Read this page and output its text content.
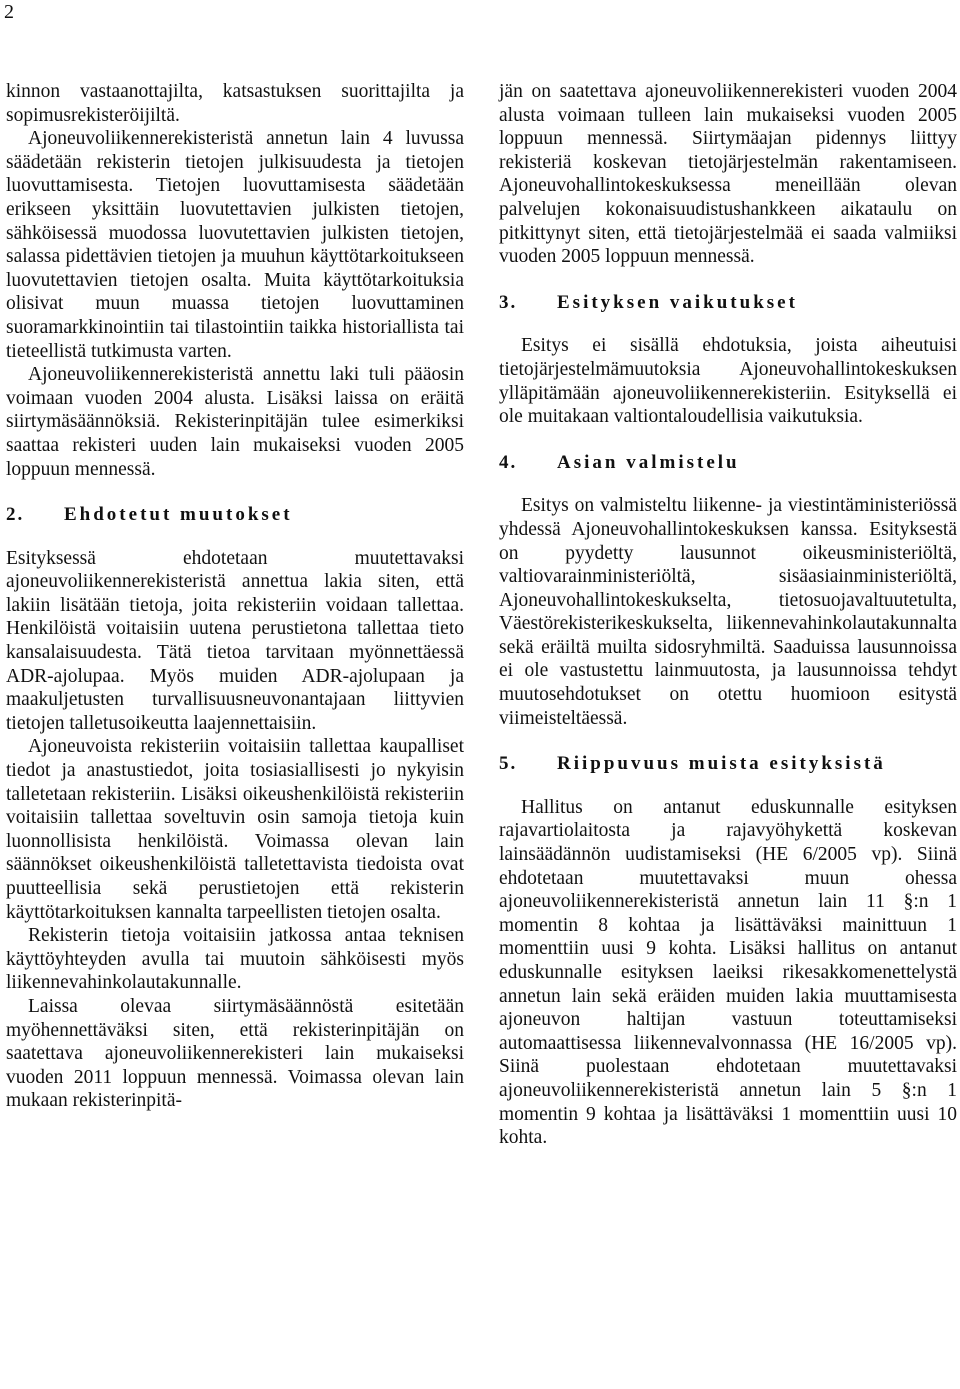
2

kinnon vastaanottajilta, katsastuksen suorittajilta ja sopimusrekisteröijiltä.

Ajoneuvoliikennerekisteristä annetun lain 4 luvussa säädetään rekisterin tietojen julkisuudesta ja tietojen luovuttamisesta. Tietojen luovuttamisesta säädetään erikseen yksittäin luovutettavien julkisten tietojen, sähköisessä muodossa luovutettavien julkisten tietojen, salassa pidettävien tietojen ja muuhun käyttötarkoitukseen luovutettavien tietojen osalta. Muita käyttötarkoituksia olisivat muun muassa tietojen luovuttaminen suoramarkkinointiin tai tilastointiin taikka historiallista tai tieteellistä tutkimusta varten.

Ajoneuvoliikennerekisteristä annettu laki tuli pääosin voimaan vuoden 2004 alusta. Lisäksi laissa on eräitä siirtymäsäännöksiä. Rekisterinpitäjän tulee esimerkiksi saattaa rekisteri uuden lain mukaiseksi vuoden 2005 loppuun mennessä.

2. Ehdotetut muutokset

Esityksessä ehdotetaan muutettavaksi ajoneuvoliikennerekisteristä annettua lakia siten, että lakiin lisätään tietoja, joita rekisteriin voidaan tallettaa. Henkilöistä voitaisiin uutena perustietona tallettaa tieto kansalaisuudesta. Tätä tietoa tarvitaan myönnettäessä ADR-ajolupaa. Myös muiden ADR-ajolupaan ja maakuljetusten turvallisuusneuvonantajaan liittyvien tietojen talletusoikeutta laajennettaisiin.

Ajoneuvoista rekisteriin voitaisiin tallettaa kaupalliset tiedot ja anastustiedot, joita tosiasiallisesti jo nykyisin talletetaan rekisteriin. Lisäksi oikeushenkilöistä rekisteriin voitaisiin tallettaa soveltuvin osin samoja tietoja kuin luonnollisista henkilöistä. Voimassa olevan lain säännökset oikeushenkilöistä talletettavista tiedoista ovat puutteellisia sekä perustietojen että rekisterin käyttötarkoituksen kannalta tarpeellisten tietojen osalta.

Rekisterin tietoja voitaisiin jatkossa antaa teknisen käyttöyhteyden avulla tai muutoin sähköisesti myös liikennevahinkolautakunnalle.

Laissa olevaa siirtymäsäännöstä esitetään myöhennettäväksi siten, että rekisterinpitäjän on saatettava ajoneuvoliikennerekisteri lain mukaiseksi vuoden 2011 loppuun mennessä. Voimassa olevan lain mukaan rekisterinpitä-

jän on saatettava ajoneuvoliikennerekisteri vuoden 2004 alusta voimaan tulleen lain mukaiseksi vuoden 2005 loppuun mennessä. Siirtymäajan pidennys liittyy rekisteriä koskevan tietojärjestelmän rakentamiseen. Ajoneuvohallintokeskuksessa meneillään olevan palvelujen kokonaisuudistushankkeen aikataulu on pitkittynyt siten, että tietojärjestelmää ei saada valmiiksi vuoden 2005 loppuun mennessä.

3. Esityksen vaikutukset

Esitys ei sisällä ehdotuksia, joista aiheutuisi tietojärjestelmämuutoksia Ajoneuvohallintokeskuksen ylläpitämään ajoneuvoliikennerekisteriin. Esityksellä ei ole muitakaan valtiontaloudellisia vaikutuksia.

4. Asian valmistelu

Esitys on valmisteltu liikenne- ja viestintäministeriössä yhdessä Ajoneuvohallintokeskuksen kanssa. Esityksestä on pyydetty lausunnot oikeusministeriöltä, valtiovarainministeriöltä, sisäasiainministeriöltä, Ajoneuvohallintokeskukselta, tietosuojavaltuutetulta, Väestörekisterikeskukselta, liikennevahinkolautakunnalta sekä eräiltä muilta sidosryhmiltä. Saaduissa lausunnoissa ei ole vastustettu lainmuutosta, ja lausunnoissa tehdyt muutosehdotukset on otettu huomioon esitystä viimeisteltäessä.

5. Riippuvuus muista esityksistä

Hallitus on antanut eduskunnalle esityksen rajavartiolaitosta ja rajavyöhykettä koskevan lainsäädännön uudistamiseksi (HE 6/2005 vp). Siinä ehdotetaan muutettavaksi muun ohessa ajoneuvoliikennerekisteristä annetun lain 11 §:n 1 momentin 8 kohtaa ja lisättäväksi mainittuun 1 momenttiin uusi 9 kohta. Lisäksi hallitus on antanut eduskunnalle esityksen laeiksi rikesakkomenettelystä annetun lain sekä eräiden muiden lakia muuttamisesta ajoneuvon haltijan vastuun toteuttamiseksi automaattisessa liikennevalvonnassa (HE 16/2005 vp). Siinä puolestaan ehdotetaan muutettavaksi ajoneuvoliikennerekisteristä annetun lain 5 §:n 1 momentin 9 kohtaa ja lisättäväksi 1 momenttiin uusi 10 kohta.
